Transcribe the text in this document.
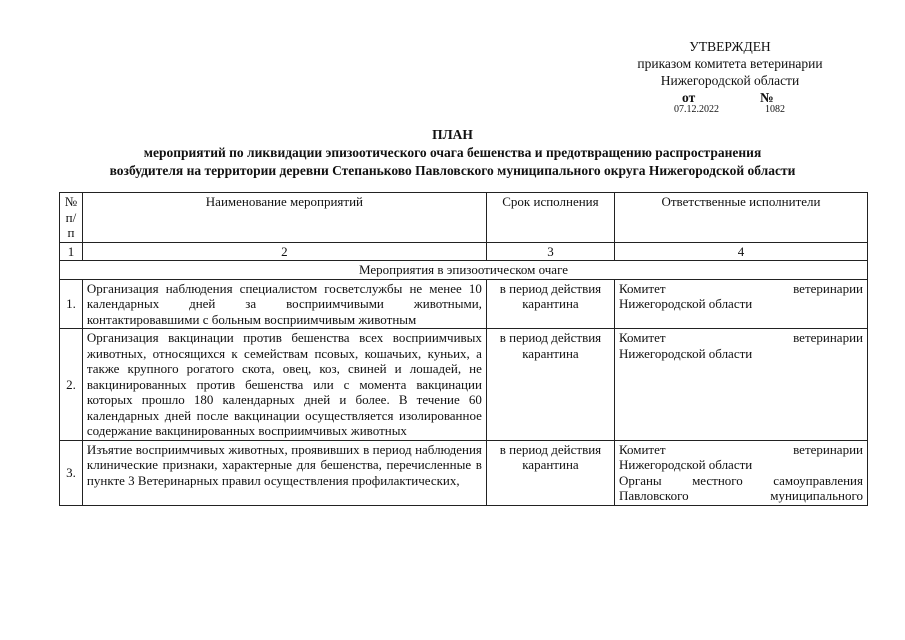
УТВЕРЖДЕН
приказом комитета ветеринарии
Нижегородской области
от
07.12.2022
№
1082
ПЛАН
мероприятий по ликвидации эпизоотического очага бешенства и предотвращению распространения
возбудителя на территории деревни Степаньково Павловского муниципального округа Нижегородской области
№ п/п	Наименование мероприятий	Срок исполнения	Ответственные исполнители
1	2	3	4
Мероприятия в эпизоотическом очаге			
1.	Организация наблюдения специалистом госветслужбы не менее 10 календарных дней за восприимчивыми животными, контактировавшими с больным восприимчивым животным	в период действия карантина	Комитет ветеринарии
Нижегородской области

2.	Организация вакцинации против бешенства всех восприимчивых животных, относящихся к семействам псовых, кошачьих, куньих, а также крупного рогатого скота, овец, коз, свиней и лошадей, не вакцинированных против бешенства или с момента вакцинации которых прошло 180 календарных дней и более. В течение 60 календарных дней после вакцинации осуществляется изолированное содержание вакцинированных восприимчивых животных	в период действия карантина	Комитет ветеринарии
Нижегородской области

3.	Изъятие восприимчивых животных, проявивших в период наблюдения клинические признаки, характерные для бешенства, перечисленные в пункте 3 Ветеринарных правил осуществления профилактических,	в период действия карантина	Комитет ветеринарии
Нижегородской области
Органы местного самоуправления
Павловского муниципального
